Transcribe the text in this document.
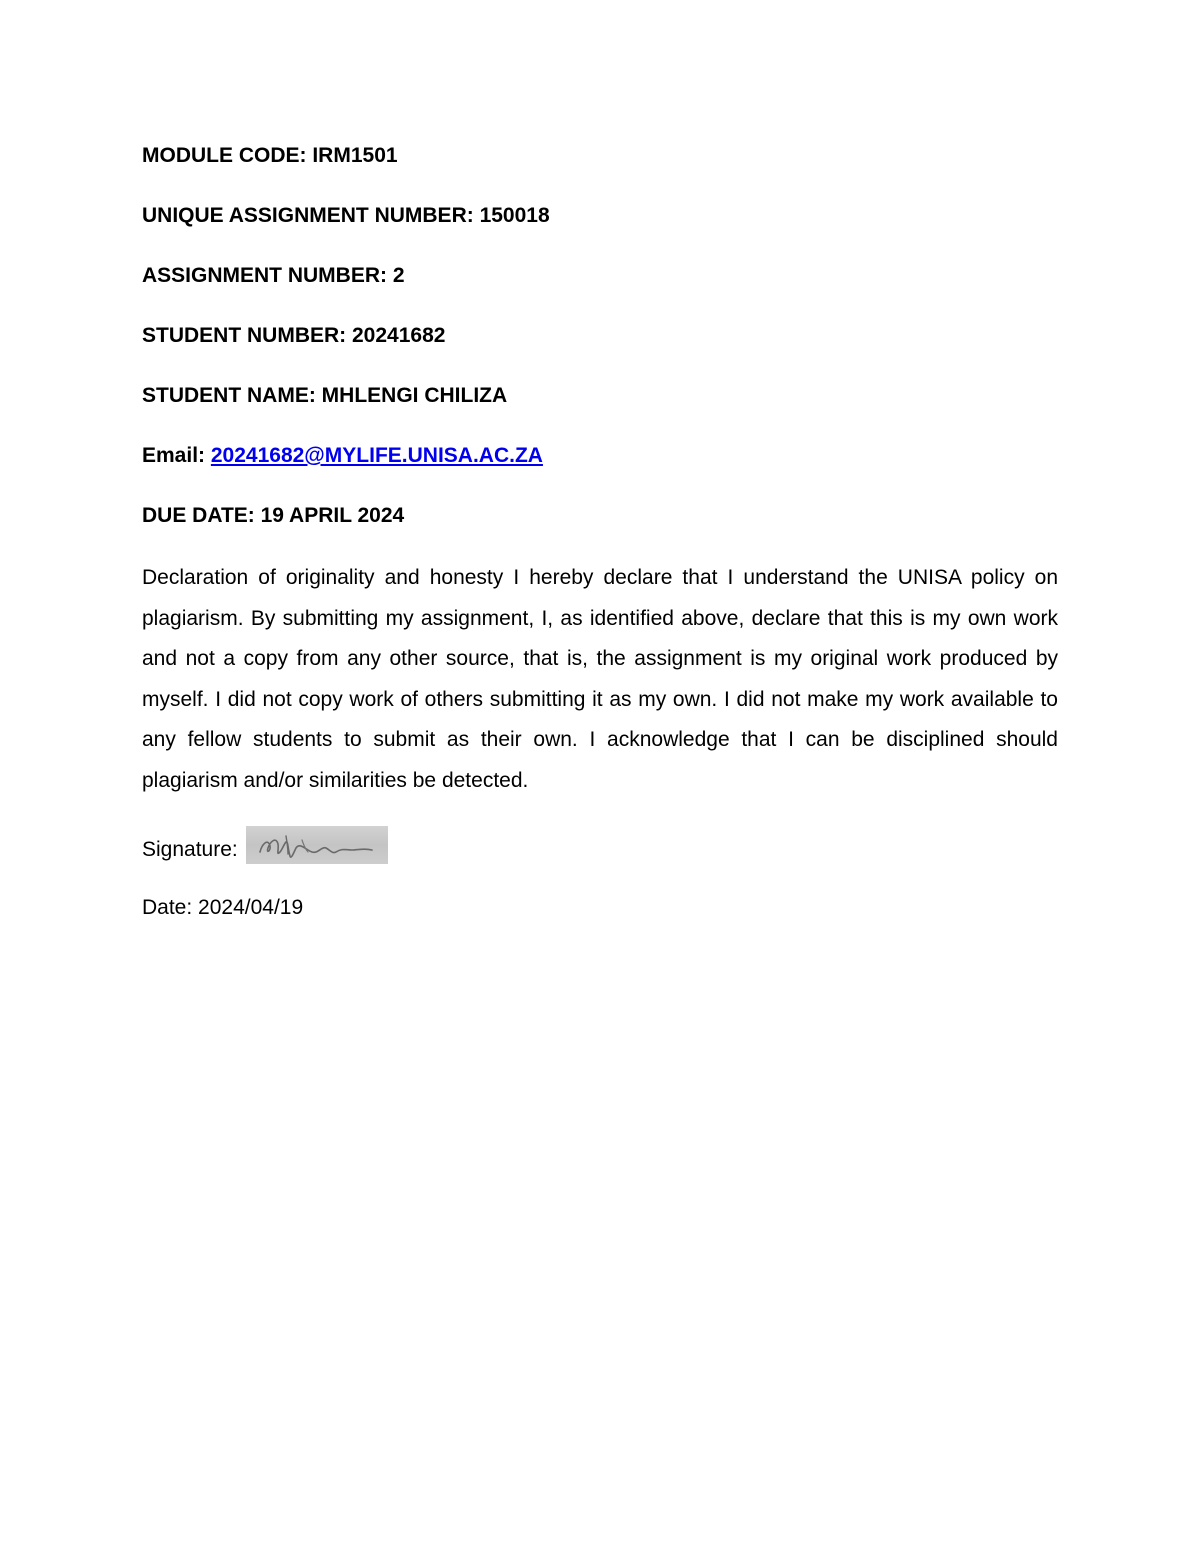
MODULE CODE: IRM1501
UNIQUE ASSIGNMENT NUMBER: 150018
ASSIGNMENT NUMBER: 2
STUDENT NUMBER: 20241682
STUDENT NAME: MHLENGI CHILIZA
Email: 20241682@MYLIFE.UNISA.AC.ZA
DUE DATE: 19 APRIL 2024

Declaration of originality and honesty I hereby declare that I understand the UNISA policy on plagiarism. By submitting my assignment, I, as identified above, declare that this is my own work and not a copy from any other source, that is, the assignment is my original work produced by myself. I did not copy work of others submitting it as my own. I did not make my work available to any fellow students to submit as their own. I acknowledge that I can be disciplined should plagiarism and/or similarities be detected.

Signature:
Date: 2024/04/19
